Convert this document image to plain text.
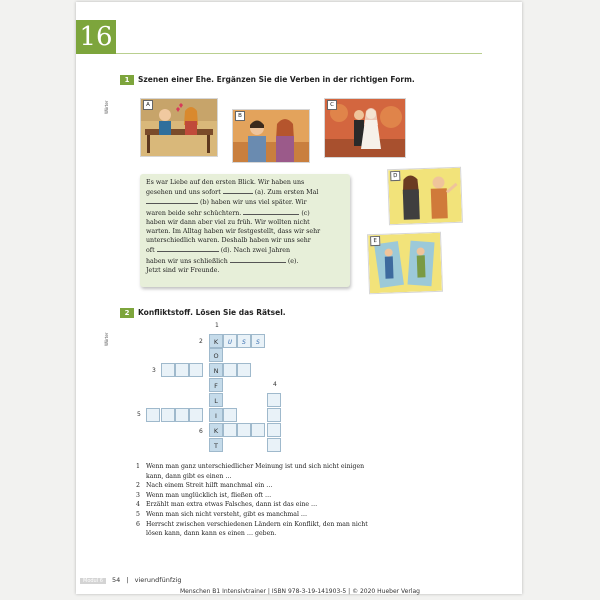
16
Wörter
1	Szenen einer Ehe. Ergänzen Sie die Verben in der richtigen Form.
A
B
C
D
E
Es war Liebe auf den ersten Blick. Wir haben uns
gesehen und uns sofort	(a). Zum ersten Mal
(b) haben wir uns viel später. Wir
waren beide sehr schüchtern.	(c)
haben wir dann aber viel zu früh. Wir wollten nicht
warten. Im Alltag haben wir festgestellt, dass wir sehr
unterschiedlich waren. Deshalb haben wir uns sehr
oft	(d). Nach zwei Jahren
haben wir uns schließlich	(e).
Jetzt sind wir Freunde.
Wörter
2	Konfliktstoff. Lösen Sie das Rätsel.
1
2
3
4
5
6
K	U	S	S
O
N
F
L
I
K
T
1 Wenn man ganz unterschiedlicher Meinung ist und sich nicht einigen kann, dann gibt es einen …
2 Nach einem Streit hilft manchmal ein …
3 Wenn man unglücklich ist, fließen oft …
4 Erzählt man extra etwas Falsches, dann ist das eine …
5 Wenn man sich nicht versteht, gibt es manchmal …
6 Herrscht zwischen verschiedenen Ländern ein Konflikt, den man nicht lösen kann, dann kann es einen … geben.
Modul 6 54 | vierundfünfzig
Menschen B1 Intensivtrainer | ISBN 978-3-19-141903-5 | © 2020 Hueber Verlag
